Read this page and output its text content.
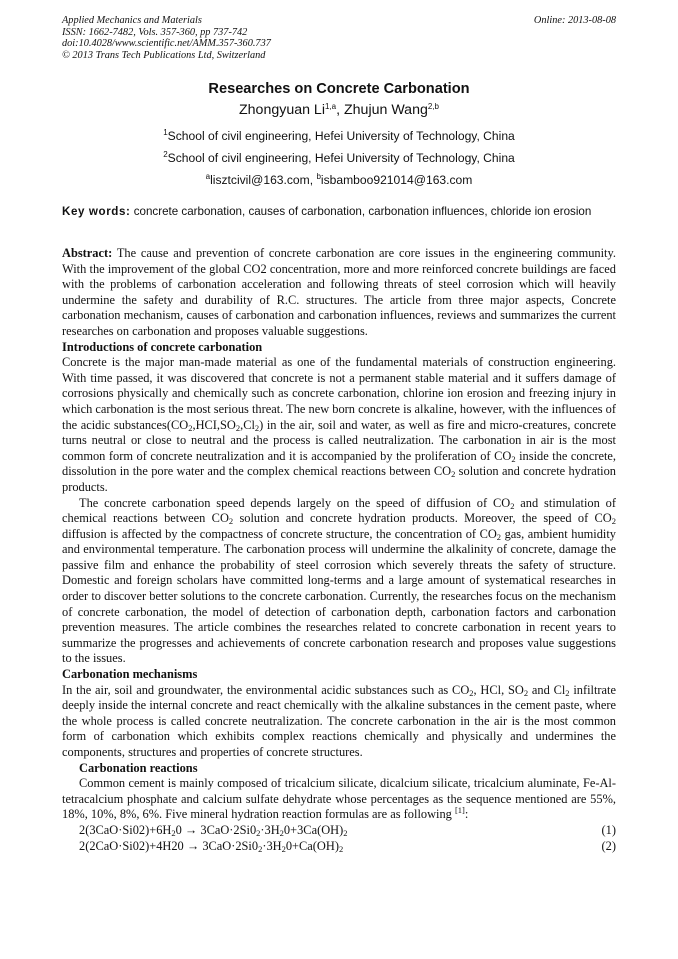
Applied Mechanics and Materials
ISSN: 1662-7482, Vols. 357-360, pp 737-742
doi:10.4028/www.scientific.net/AMM.357-360.737
© 2013 Trans Tech Publications Ltd, Switzerland
Online: 2013-08-08
Researches on Concrete Carbonation
Zhongyuan Li$^{1,a}$, Zhujun Wang$^{2,b}$
$^1$School of civil engineering, Hefei University of Technology, China
$^2$School of civil engineering, Hefei University of Technology, China
$^a$lisztcivil@163.com, $^b$isbamboo921014@163.com
Key words: concrete carbonation, causes of carbonation, carbonation influences, chloride ion erosion

Abstract: The cause and prevention of concrete carbonation are core issues in the engineering community. With the improvement of the global CO2 concentration, more and more reinforced concrete buildings are faced with the problems of carbonation acceleration and following threats of steel corrosion which will heavily undermine the safety and durability of R.C. structures. The article from three major aspects, Concrete carbonation mechanism, causes of carbonation and carbonation influences, reviews and summarizes the current researches on carbonation and proposes valuable suggestions.

Introductions of concrete carbonation

Concrete is the major man-made material as one of the fundamental materials of construction engineering. With time passed, it was discovered that concrete is not a permanent stable material and it suffers damage of corrosions physically and chemically such as concrete carbonation, chlorine ion erosion and freezing injury in which carbonation is the most serious threat. The new born concrete is alkaline, however, with the influences of the acidic $substances(CO_2,HCI,SO_2,Cl_2)$ in the air, soil and water, as well as fire and micro-creatures, concrete turns neutral or close to neutral and the process is called neutralization. The carbonation in air is the most common form of concrete neutralization and it is accompanied by the proliferation of $CO_2$ inside the concrete, dissolution in the pore water and the complex chemical reactions between $CO_2$ solution and concrete hydration products.

The concrete carbonation speed depends largely on the speed of diffusion of $CO_2$ and stimulation of chemical reactions between $CO_2$ solution and concrete hydration products. Moreover, the speed of $CO_2$ diffusion is affected by the compactness of concrete structure, the concentration of $CO_2$ gas, ambient humidity and environmental temperature. The carbonation process will undermine the alkalinity of concrete, damage the passive film and enhance the probability of steel corrosion which severely threats the safety of structure. Domestic and foreign scholars have committed long-terms and a large amount of systematical researches in order to discover better solutions to the concrete carbonation. Currently, the researches focus on the mechanism of concrete carbonation, the model of detection of carbonation depth, carbonation factors and carbonation prevention measures. The article combines the researches related to concrete carbonation in recent years to summarize the progresses and achievements of concrete carbonation research and proposes value suggestions to the issues.

Carbonation mechanisms

In the air, soil and groundwater, the environmental acidic substances such as $CO_2$, HCl, $SO_2$ and $Cl_2$ infiltrate deeply inside the internal concrete and react chemically with the alkaline substances in the cement paste, where the whole process is called concrete neutralization. The concrete carbonation in the air is the most common form of carbonation which exhibits complex reactions chemically and physically and undermines the components, structures and properties of concrete structures.

Carbonation reactions

Common cement is mainly composed of tricalcium silicate, dicalcium silicate, tricalcium aluminate, Fe-Al-tetracalcium phosphate and calcium sulfate dehydrate whose percentages as the sequence mentioned are 55%, 18%, 10%, 8%, 6%. Five mineral hydration reaction formulas are as following [1]:

$2(3CaO\cdot Si02)+6H_20 \to 3CaO\cdot 2Si0_2\cdot 3H_20+3Ca(OH)_2$	(1)
$2(2CaO\cdot Si02)+4H20 \to 3CaO\cdot 2Si0_2\cdot 3H_20+Ca(OH)_2$	(2)
